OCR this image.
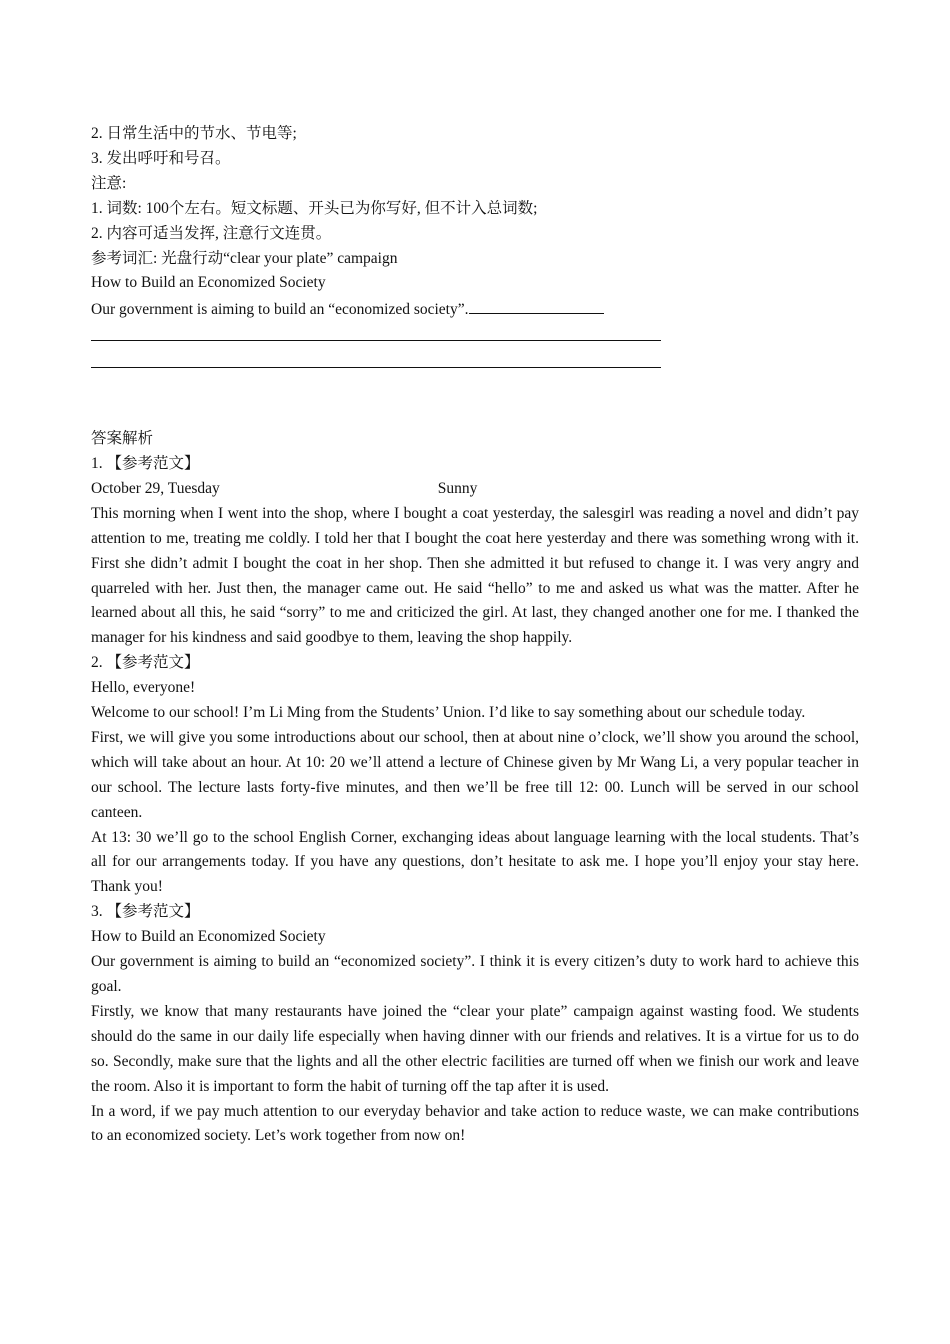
2. 日常生活中的节水、节电等;
3. 发出呼吁和号召。
注意:
1. 词数: 100个左右。短文标题、开头已为你写好, 但不计入总词数;
2. 内容可适当发挥, 注意行文连贯。
参考词汇: 光盘行动“clear your plate” campaign
How to Build an Economized Society
Our government is aiming to build an “economized society”.
答案解析
1. 【参考范文】
October 29, Tuesday	Sunny
This morning when I went into the shop, where I bought a coat yesterday, the salesgirl was reading a novel and didn’t pay attention to me, treating me coldly. I told her that I bought the coat here yesterday and there was something wrong with it. First she didn’t admit I bought the coat in her shop. Then she admitted it but refused to change it. I was very angry and quarreled with her. Just then, the manager came out. He said “hello” to me and asked us what was the matter. After he learned about all this, he said “sorry” to me and criticized the girl. At last, they changed another one for me. I thanked the manager for his kindness and said goodbye to them, leaving the shop happily.
2. 【参考范文】
Hello, everyone!
Welcome to our school! I’m Li Ming from the Students’ Union. I’d like to say something about our schedule today.
First, we will give you some introductions about our school, then at about nine o’clock, we’ll show you around the school, which will take about an hour. At 10: 20 we’ll attend a lecture of Chinese given by Mr Wang Li, a very popular teacher in our school. The lecture lasts forty-five minutes, and then we’ll be free till 12: 00. Lunch will be served in our school canteen.
At 13: 30 we’ll go to the school English Corner, exchanging ideas about language learning with the local students. That’s all for our arrangements today. If you have any questions, don’t hesitate to ask me. I hope you’ll enjoy your stay here. Thank you!
3. 【参考范文】
How to Build an Economized Society
Our government is aiming to build an “economized society”. I think it is every citizen’s duty to work hard to achieve this goal.
Firstly, we know that many restaurants have joined the “clear your plate” campaign against wasting food. We students should do the same in our daily life especially when having dinner with our friends and relatives. It is a virtue for us to do so. Secondly, make sure that the lights and all the other electric facilities are turned off when we finish our work and leave the room. Also it is important to form the habit of turning off the tap after it is used.
In a word, if we pay much attention to our everyday behavior and take action to reduce waste, we can make contributions to an economized society. Let’s work together from now on!
